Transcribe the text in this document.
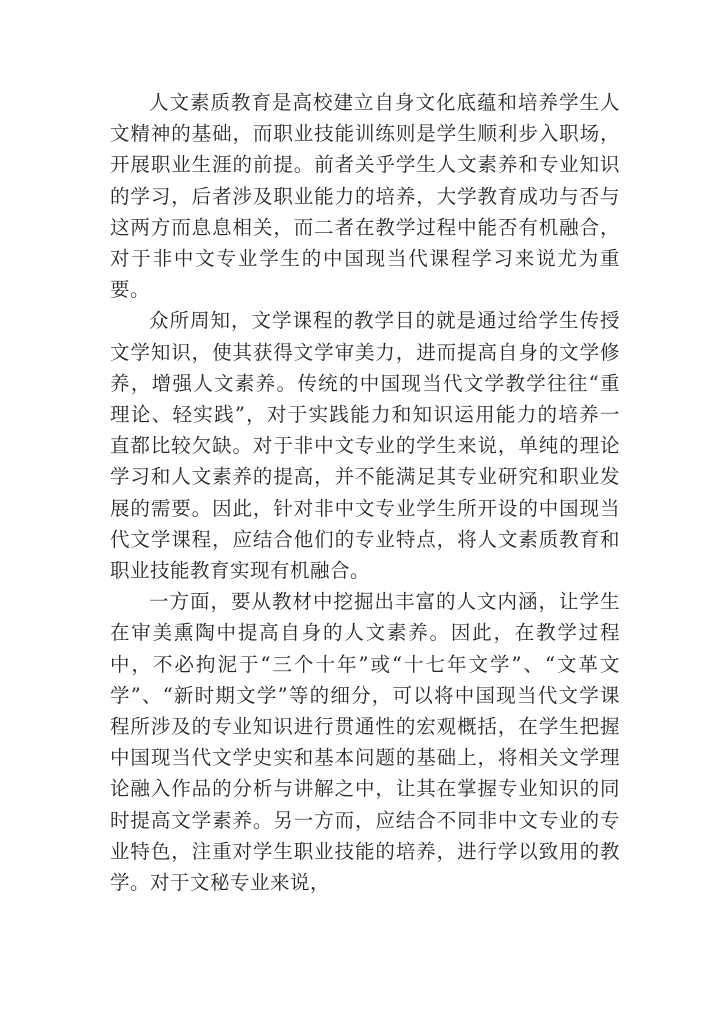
人文素质教育是高校建立自身文化底蕴和培养学生人文精神的基础，而职业技能训练则是学生顺利步入职场，开展职业生涯的前提。前者关乎学生人文素养和专业知识的学习，后者涉及职业能力的培养，大学教育成功与否与这两方而息息相关，而二者在教学过程中能否有机融合，对于非中文专业学生的中国现当代课程学习来说尤为重要。

众所周知，文学课程的教学目的就是通过给学生传授文学知识，使其获得文学审美力，进而提高自身的文学修养，增强人文素养。传统的中国现当代文学教学往往“重理论、轻实践”，对于实践能力和知识运用能力的培养一直都比较欠缺。对于非中文专业的学生来说，单纯的理论学习和人文素养的提高，并不能满足其专业研究和职业发展的需要。因此，针对非中文专业学生所开设的中国现当代文学课程，应结合他们的专业特点，将人文素质教育和职业技能教育实现有机融合。

一方面，要从教材中挖掘出丰富的人文内涵，让学生在审美熏陶中提高自身的人文素养。因此，在教学过程中，不必拘泥于“三个十年”或“十七年文学”、“文革文学”、“新时期文学”等的细分，可以将中国现当代文学课程所涉及的专业知识进行贯通性的宏观概括，在学生把握中国现当代文学史实和基本问题的基础上，将相关文学理论融入作品的分析与讲解之中，让其在掌握专业知识的同时提高文学素养。另一方而，应结合不同非中文专业的专业特色，注重对学生职业技能的培养，进行学以致用的教学。对于文秘专业来说，
